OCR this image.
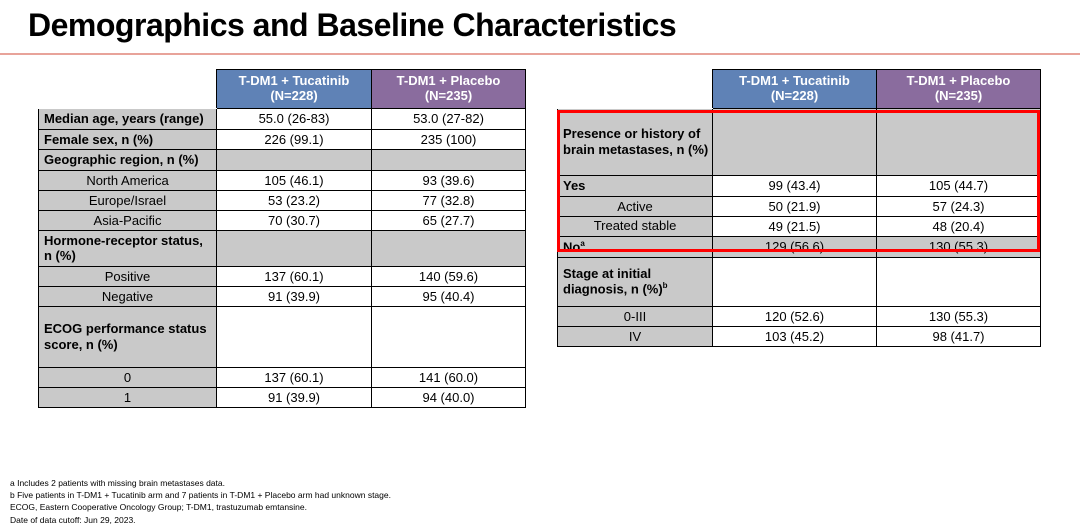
Demographics and Baseline Characteristics

T-DM1 + Tucatinib
(N=228)

T-DM1 + Placebo
(N=235)

Median age, years (range)	55.0 (26-83)	53.0 (27-82)
Female sex, n (%)	226 (99.1)	235 (100)
Geographic region, n (%)		
North America	105 (46.1)	93 (39.6)
Europe/Israel	53 (23.2)	77 (32.8)
Asia-Pacific	70 (30.7)	65 (27.7)
Hormone-receptor status, n (%)		
Positive	137 (60.1)	140 (59.6)
Negative	91 (39.9)	95 (40.4)
ECOG performance status score, n (%)		
0	137 (60.1)	141 (60.0)
1	91 (39.9)	94 (40.0)

T-DM1 + Tucatinib
(N=228)

T-DM1 + Placebo
(N=235)

Presence or history of brain metastases, n (%)		
Yes	99 (43.4)	105 (44.7)
Active	50 (21.9)	57 (24.3)
Treated stable	49 (21.5)	48 (20.4)
No$^a$	129 (56.6)	130 (55.3)
Stage at initial diagnosis, n (%)$^b$		
0-III	120 (52.6)	130 (55.3)
IV	103 (45.2)	98 (41.7)
a Includes 2 patients with missing brain metastases data.
b Five patients in T-DM1 + Tucatinib arm and 7 patients in T-DM1 + Placebo arm had unknown stage.
ECOG, Eastern Cooperative Oncology Group; T-DM1, trastuzumab emtansine.
Date of data cutoff: Jun 29, 2023.
